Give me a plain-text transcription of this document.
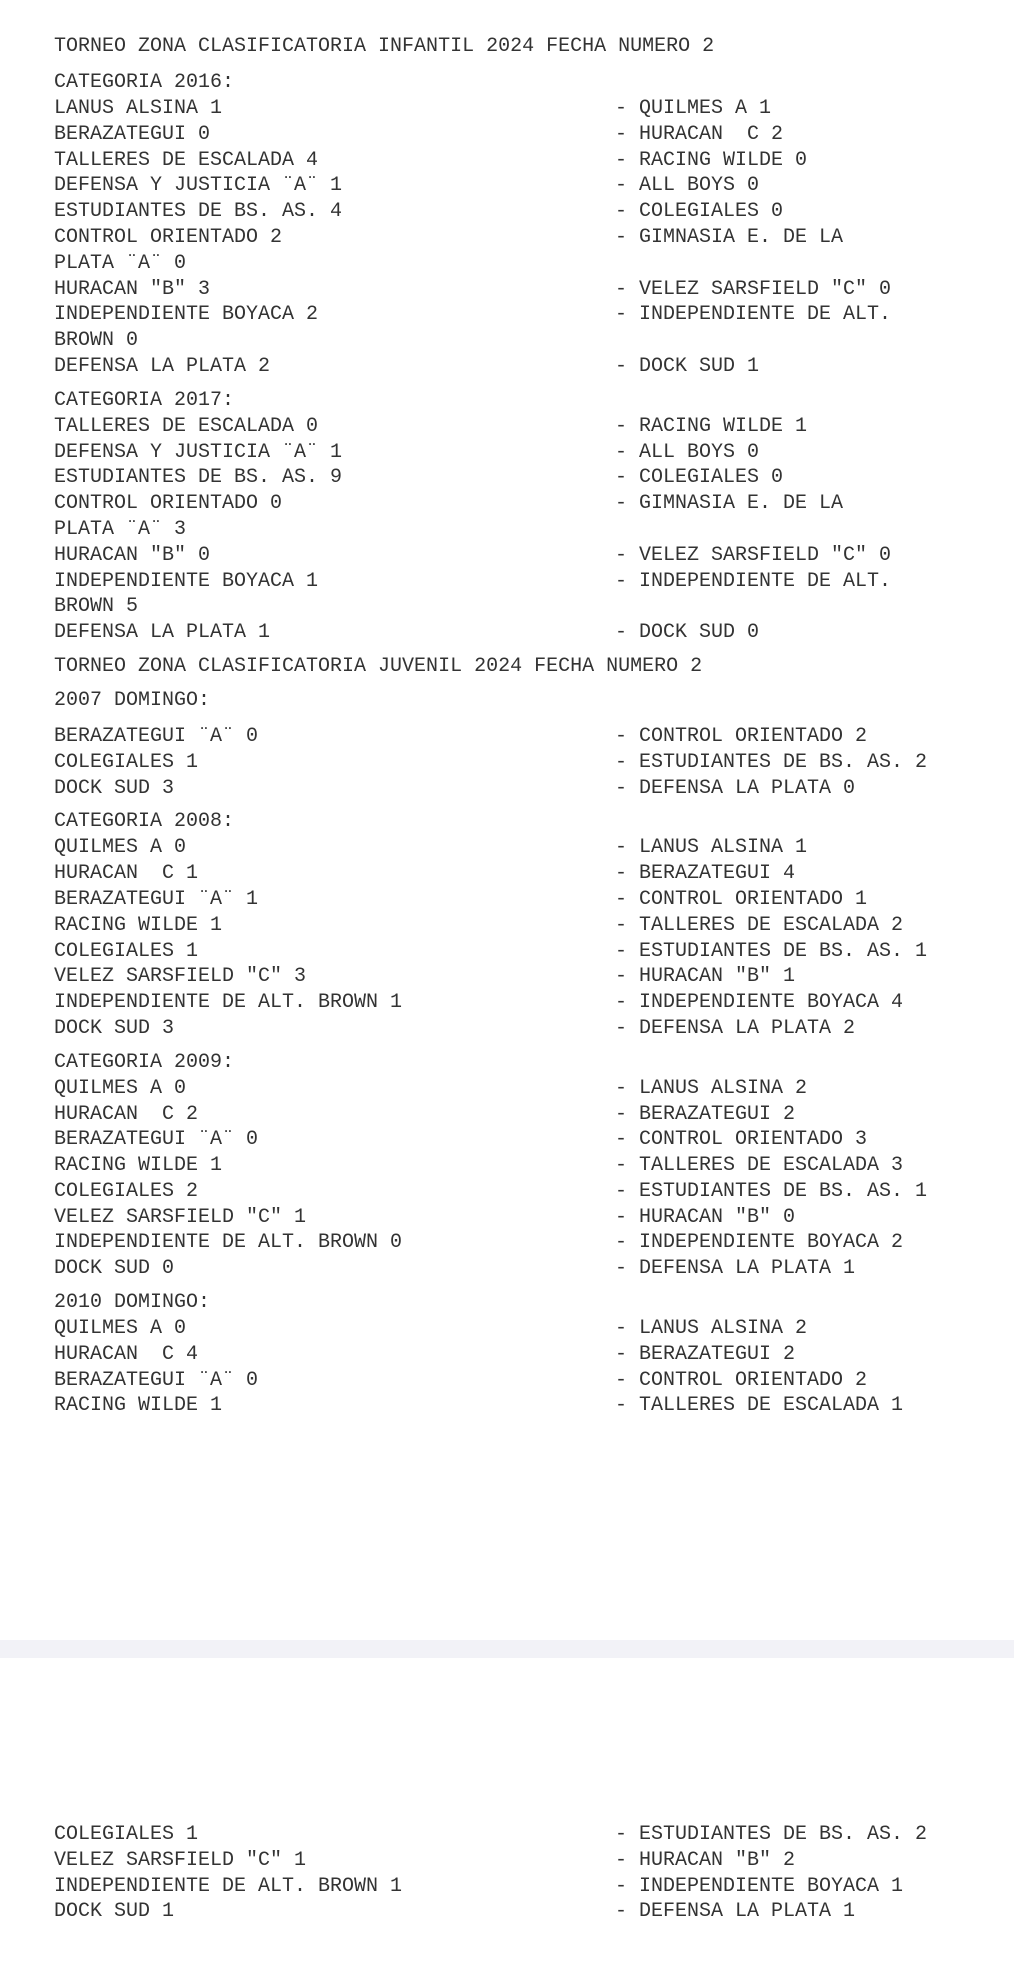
TORNEO ZONA CLASIFICATORIA INFANTIL 2024 FECHA NUMERO 2
CATEGORIA 2016:
LANUS ALSINA 1	- QUILMES A 1
BERAZATEGUI 0	- HURACAN  C 2
TALLERES DE ESCALADA 4	- RACING WILDE 0
DEFENSA Y JUSTICIA ¨A¨ 1	- ALL BOYS 0
ESTUDIANTES DE BS. AS. 4	- COLEGIALES 0
CONTROL ORIENTADO 2	- GIMNASIA E. DE LA
PLATA ¨A¨ 0
HURACAN "B" 3	- VELEZ SARSFIELD "C" 0
INDEPENDIENTE BOYACA 2	- INDEPENDIENTE DE ALT.
BROWN 0
DEFENSA LA PLATA 2	- DOCK SUD 1
CATEGORIA 2017:
TALLERES DE ESCALADA 0	- RACING WILDE 1
DEFENSA Y JUSTICIA ¨A¨ 1	- ALL BOYS 0
ESTUDIANTES DE BS. AS. 9	- COLEGIALES 0
CONTROL ORIENTADO 0	- GIMNASIA E. DE LA
PLATA ¨A¨ 3
HURACAN "B" 0	- VELEZ SARSFIELD "C" 0
INDEPENDIENTE BOYACA 1	- INDEPENDIENTE DE ALT.
BROWN 5
DEFENSA LA PLATA 1	- DOCK SUD 0
TORNEO ZONA CLASIFICATORIA JUVENIL 2024 FECHA NUMERO 2
2007 DOMINGO:
BERAZATEGUI ¨A¨ 0	- CONTROL ORIENTADO 2
COLEGIALES 1	- ESTUDIANTES DE BS. AS. 2
DOCK SUD 3	- DEFENSA LA PLATA 0
CATEGORIA 2008:
QUILMES A 0	- LANUS ALSINA 1
HURACAN  C 1	- BERAZATEGUI 4
BERAZATEGUI ¨A¨ 1	- CONTROL ORIENTADO 1
RACING WILDE 1	- TALLERES DE ESCALADA 2
COLEGIALES 1	- ESTUDIANTES DE BS. AS. 1
VELEZ SARSFIELD "C" 3	- HURACAN "B" 1
INDEPENDIENTE DE ALT. BROWN 1	- INDEPENDIENTE BOYACA 4
DOCK SUD 3	- DEFENSA LA PLATA 2
CATEGORIA 2009:
QUILMES A 0	- LANUS ALSINA 2
HURACAN  C 2	- BERAZATEGUI 2
BERAZATEGUI ¨A¨ 0	- CONTROL ORIENTADO 3
RACING WILDE 1	- TALLERES DE ESCALADA 3
COLEGIALES 2	- ESTUDIANTES DE BS. AS. 1
VELEZ SARSFIELD "C" 1	- HURACAN "B" 0
INDEPENDIENTE DE ALT. BROWN 0	- INDEPENDIENTE BOYACA 2
DOCK SUD 0	- DEFENSA LA PLATA 1
2010 DOMINGO:
QUILMES A 0	- LANUS ALSINA 2
HURACAN  C 4	- BERAZATEGUI 2
BERAZATEGUI ¨A¨ 0	- CONTROL ORIENTADO 2
RACING WILDE 1	- TALLERES DE ESCALADA 1
COLEGIALES 1	- ESTUDIANTES DE BS. AS. 2
VELEZ SARSFIELD "C" 1	- HURACAN "B" 2
INDEPENDIENTE DE ALT. BROWN 1	- INDEPENDIENTE BOYACA 1
DOCK SUD 1	- DEFENSA LA PLATA 1
